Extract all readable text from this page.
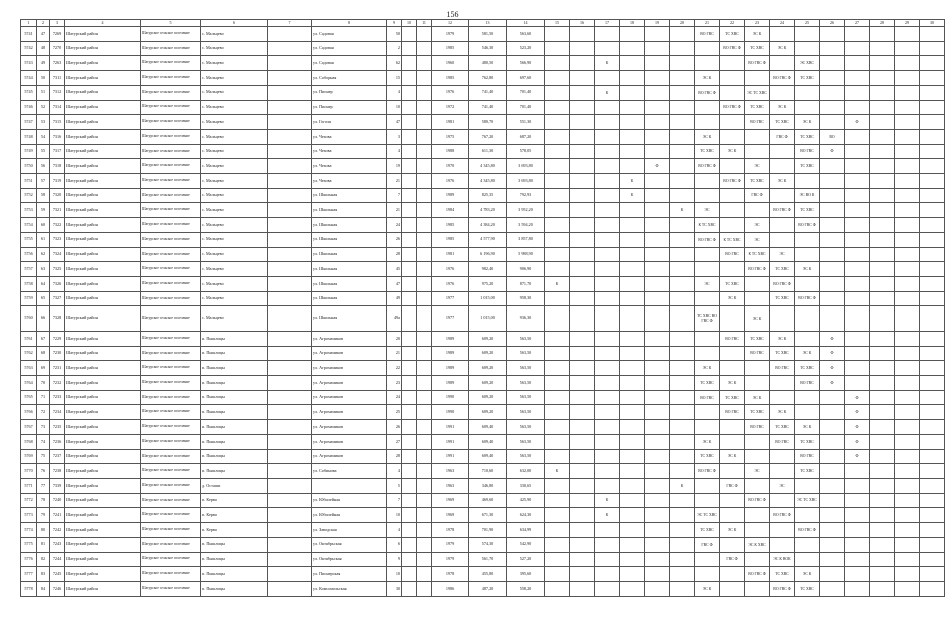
156
1	2	3	4	5	6	7	8	9	10	11	12	13	14	15	16	17	18	19	20	21	22	23	24	25	26	27	28	29	30
5741	47	7269	Шатурский район	Шатурское сельское поселение	с. Мальцево		ул. Садовая	50			1979	581,50	563,60							ВО ГВС	ТС ХВС	ЭС К							
5742	48	7270	Шатурский район	Шатурское сельское поселение	с. Мальцево		ул. Садовая	2			1985	546,30	523,20								ВО ГВС Ф	ТС ХВС	ЭС К						
5743	49	7263	Шатурский район	Шатурское сельское поселение	с. Мальцево		ул. Садовая	62			1960	480,50	566,90			К						ВО ГВС Ф		ЭС ХВС					
5744	50	7311	Шатурский район	Шатурское сельское поселение	с. Мальцево		ул. Соборная	15			1985	762,80	697,60							ЭС К			ВО ГВС Ф	ТС ХВС					
5745	51	7312	Шатурский район	Шатурское сельское поселение	с. Мальцево		ул. Пионер	4			1976	741,40	701,40			К				ВО ГВС Ф		ЭС ТС ХВС							
5746	52	7314	Шатурский район	Шатурское сельское поселение	с. Мальцево		ул. Пионер	10			1972	741,40	701,40								ВО ГВС Ф	ТС ХВС	ЭС К						
5747	53	7315	Шатурский район	Шатурское сельское поселение	с. Мальцево		ул. Гоголя	47			1981	580,70	551,30									ВО ГВС	ТС ХВС	ЭС К		Ф			
5748	54	7316	Шатурский район	Шатурское сельское поселение	с. Мальцево		ул. Чехова	3			1975	767,20	687,20							ЭС К			ГВС Ф	ТС ХВС	ВО				
5749	55	7317	Шатурский район	Шатурское сельское поселение	с. Мальцево		ул. Чехова	4			1988	611,30	578,05							ТС ХВС	ЭС К			ВО ГВС	Ф				
5750	56	7318	Шатурский район	Шатурское сельское поселение	с. Мальцево		ул. Чехова	19			1970	4 345,80	3 693,80					Ф		ВО ГВС Ф		ЭС		ТС ХВС					
5751	57	7319	Шатурский район	Шатурское сельское поселение	с. Мальцево		ул. Чехова	21			1976	4 345,80	3 693,80				К				ВО ГВС Ф	ТС ХВС	ЭС К						
5752	58	7320	Шатурский район	Шатурское сельское поселение	с. Мальцево		ул. Школьная	7			1989	825,35	792,93				К					ГВС Ф		ЭС ВО К					
5753	59	7321	Шатурский район	Шатурское сельское поселение	с. Мальцево		ул. Школьная	21			1984	4 783,20	3 952,20						К	ЭС			ВО ГВС Ф	ТС ХВС					
5754	60	7322	Шатурский район	Шатурское сельское поселение	с. Мальцево		ул. Школьная	24			1985	4 384,20	3 594,20							К ТС ХВС		ЭС		ВО ГВС Ф					
5755	61	7323	Шатурский район	Шатурское сельское поселение	с. Мальцево		ул. Школьная	26			1985	4 577,90	3 857,80							ВО ГВС Ф	К ТС ХВС	ЭС							
5756	62	7324	Шатурский район	Шатурское сельское поселение	с. Мальцево		ул. Школьная	28			1981	6 196,90	5 988,90								ВО ГВС	К ТС ХВС	ЭС						
5757	63	7325	Шатурский район	Шатурское сельское поселение	с. Мальцево		ул. Школьная	45			1976	982,40	906,90									ВО ГВС Ф	ТС ХВС	ЭС К					
5758	64	7326	Шатурский район	Шатурское сельское поселение	с. Мальцево		ул. Школьная	47			1976	975,20	871,70	К						ЭС	ТС ХВС		ВО ГВС Ф						
5759	65	7327	Шатурский район	Шатурское сельское поселение	с. Мальцево		ул. Школьная	49			1977	1 015,00	958,30								ЭС К		ТС ХВС	ВО ГВС Ф					
5760	66	7328	Шатурский район	Шатурское сельское поселение	с. Мальцево		ул. Школьная	49а			1977	1 015,00	936,30							ТС ХВС ВО ГВС Ф		ЭС К							
5761	67	7229	Шатурский район	Шатурское сельское поселение	п. Пышлицы		ул. Агрохимиков	20			1989	609,20	563,50								ВО ГВС	ТС ХВС	ЭС К		Ф				
5762	68	7230	Шатурский район	Шатурское сельское поселение	п. Пышлицы		ул. Агрохимиков	21			1989	609,20	563,50									ВО ГВС	ТС ХВС	ЭС К	Ф				
5763	69	7231	Шатурский район	Шатурское сельское поселение	п. Пышлицы		ул. Агрохимиков	22			1989	609,20	563,50							ЭС К			ВО ГВС	ТС ХВС	Ф				
5764	70	7232	Шатурский район	Шатурское сельское поселение	п. Пышлицы		ул. Агрохимиков	23			1989	609,20	563,50							ТС ХВС	ЭС К			ВО ГВС	Ф				
5765	71	7233	Шатурский район	Шатурское сельское поселение	п. Пышлицы		ул. Агрохимиков	24			1990	609,20	563,50							ВО ГВС	ТС ХВС	ЭС К				Ф			
5766	72	7234	Шатурский район	Шатурское сельское поселение	п. Пышлицы		ул. Агрохимиков	25			1990	609,20	563,50								ВО ГВС	ТС ХВС	ЭС К			Ф			
5767	73	7235	Шатурский район	Шатурское сельское поселение	п. Пышлицы		ул. Агрохимиков	26			1991	609,40	563,50									ВО ГВС	ТС ХВС	ЭС К		Ф			
5768	74	7236	Шатурский район	Шатурское сельское поселение	п. Пышлицы		ул. Агрохимиков	27			1991	609,40	563,50							ЭС К			ВО ГВС	ТС ХВС		Ф			
5769	75	7237	Шатурский район	Шатурское сельское поселение	п. Пышлицы		ул. Агрохимиков	28			1991	609,40	563,50							ТС ХВС	ЭС К			ВО ГВС		Ф			
5770	76	7238	Шатурский район	Шатурское сельское поселение	п. Пышлицы		ул. Собинова	4			1963	710,60	632,00	К						ВО ГВС Ф		ЭС		ТС ХВС					
5771	77	7339	Шатурский район	Шатурское сельское поселение	д. Осташи			5			1963	346,80	330,65						К		ГВС Ф		ЭС						
5772	78	7240	Шатурский район	Шатурское сельское поселение	п. Керва		ул. Юбилейная	7			1969	469,60	425,90			К						ВО ГВС Ф		ЭС ТС ХВС					
5773	79	7241	Шатурский район	Шатурское сельское поселение	п. Керва		ул. Юбилейная	10			1969	671,30	624,30			К				ЭС ТС ХВС			ВО ГВС Ф						
5774	80	7242	Шатурский район	Шатурское сельское поселение	п. Керва		ул. Заводская	4			1978	701,90	634,99							ТС ХВС	ЭС К			ВО ГВС Ф					
5775	81	7243	Шатурский район	Шатурское сельское поселение	п. Пышлицы		ул. Октябрьская	6			1979	574,30	542,90							ГВС Ф		ЭС К ХВС							
5776	82	7244	Шатурский район	Шатурское сельское поселение	п. Пышлицы		ул. Октябрьская	9			1979	561,70	527,20								ГВС Ф		ЭС К ВОК						
5777	83	7245	Шатурский район	Шатурское сельское поселение	п. Пышлицы		ул. Пионерская	10			1978	455,80	395,60									ВО ГВС Ф	ТС ХВС	ЭС К					
5778	84	7246	Шатурский район	Шатурское сельское поселение	п. Пышлицы		ул. Комсомольская	30			1986	487,20	558,20							ЭС К			ВО ГВС Ф	ТС ХВС					
